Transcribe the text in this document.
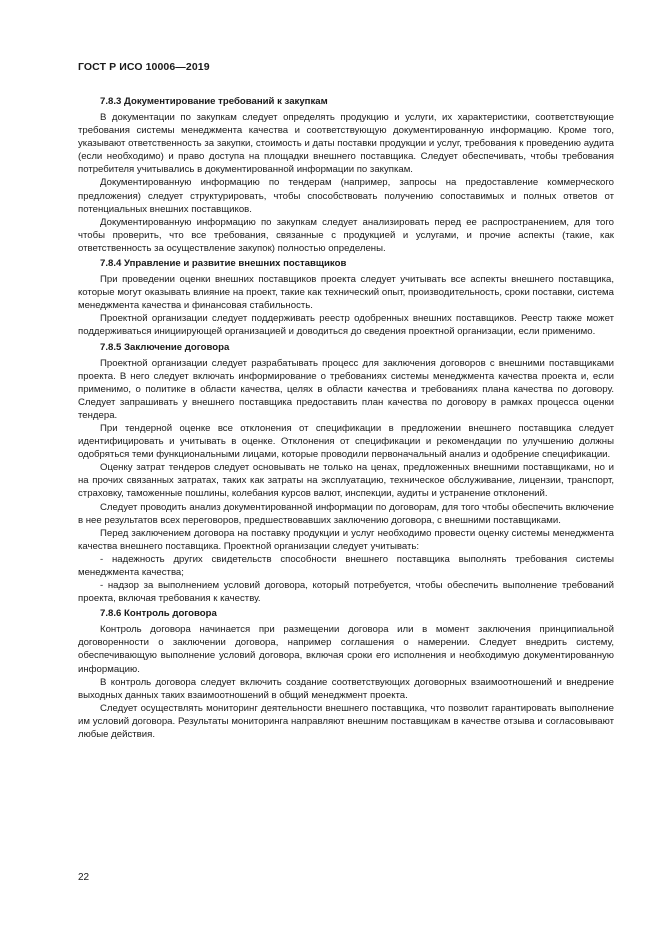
ГОСТ Р ИСО 10006—2019
7.8.3 Документирование требований к закупкам

В документации по закупкам следует определять продукцию и услуги, их характеристики, соответствующие требования системы менеджмента качества и соответствующую документированную информацию. Кроме того, указывают ответственность за закупки, стоимость и даты поставки продукции и услуг, требования к проведению аудита (если необходимо) и право доступа на площадки внешнего поставщика. Следует обеспечивать, чтобы требования потребителя учитывались в документированной информации по закупкам.

Документированную информацию по тендерам (например, запросы на предоставление коммерческого предложения) следует структурировать, чтобы способствовать получению сопоставимых и полных ответов от потенциальных внешних поставщиков.

Документированную информацию по закупкам следует анализировать перед ее распространением, для того чтобы проверить, что все требования, связанные с продукцией и услугами, и прочие аспекты (такие, как ответственность за осуществление закупок) полностью определены.

7.8.4 Управление и развитие внешних поставщиков

При проведении оценки внешних поставщиков проекта следует учитывать все аспекты внешнего поставщика, которые могут оказывать влияние на проект, такие как технический опыт, производительность, сроки поставки, система менеджмента качества и финансовая стабильность.

Проектной организации следует поддерживать реестр одобренных внешних поставщиков. Реестр также может поддерживаться инициирующей организацией и доводиться до сведения проектной организации, если применимо.

7.8.5 Заключение договора

Проектной организации следует разрабатывать процесс для заключения договоров с внешними поставщиками проекта. В него следует включать информирование о требованиях системы менеджмента качества проекта и, если применимо, о политике в области качества, целях в области качества и требованиях плана качества по договору. Следует запрашивать у внешнего поставщика предоставить план качества по договору в рамках процесса оценки тендера.

При тендерной оценке все отклонения от спецификации в предложении внешнего поставщика следует идентифицировать и учитывать в оценке. Отклонения от спецификации и рекомендации по улучшению должны одобряться теми функциональными лицами, которые проводили первоначальный анализ и одобрение спецификации.

Оценку затрат тендеров следует основывать не только на ценах, предложенных внешними поставщиками, но и на прочих связанных затратах, таких как затраты на эксплуатацию, техническое обслуживание, лицензии, транспорт, страховку, таможенные пошлины, колебания курсов валют, инспекции, аудиты и устранение отклонений.

Следует проводить анализ документированной информации по договорам, для того чтобы обеспечить включение в нее результатов всех переговоров, предшествовавших заключению договора, с внешними поставщиками.

Перед заключением договора на поставку продукции и услуг необходимо провести оценку системы менеджмента качества внешнего поставщика. Проектной организации следует учитывать:

- надежность других свидетельств способности внешнего поставщика выполнять требования системы менеджмента качества;

- надзор за выполнением условий договора, который потребуется, чтобы обеспечить выполнение требований проекта, включая требования к качеству.

7.8.6 Контроль договора

Контроль договора начинается при размещении договора или в момент заключения принципиальной договоренности о заключении договора, например соглашения о намерении. Следует внедрить систему, обеспечивающую выполнение условий договора, включая сроки его исполнения и необходимую документированную информацию.

В контроль договора следует включить создание соответствующих договорных взаимоотношений и внедрение выходных данных таких взаимоотношений в общий менеджмент проекта.

Следует осуществлять мониторинг деятельности внешнего поставщика, что позволит гарантировать выполнение им условий договора. Результаты мониторинга направляют внешним поставщикам в качестве отзыва и согласовывают любые действия.

22
